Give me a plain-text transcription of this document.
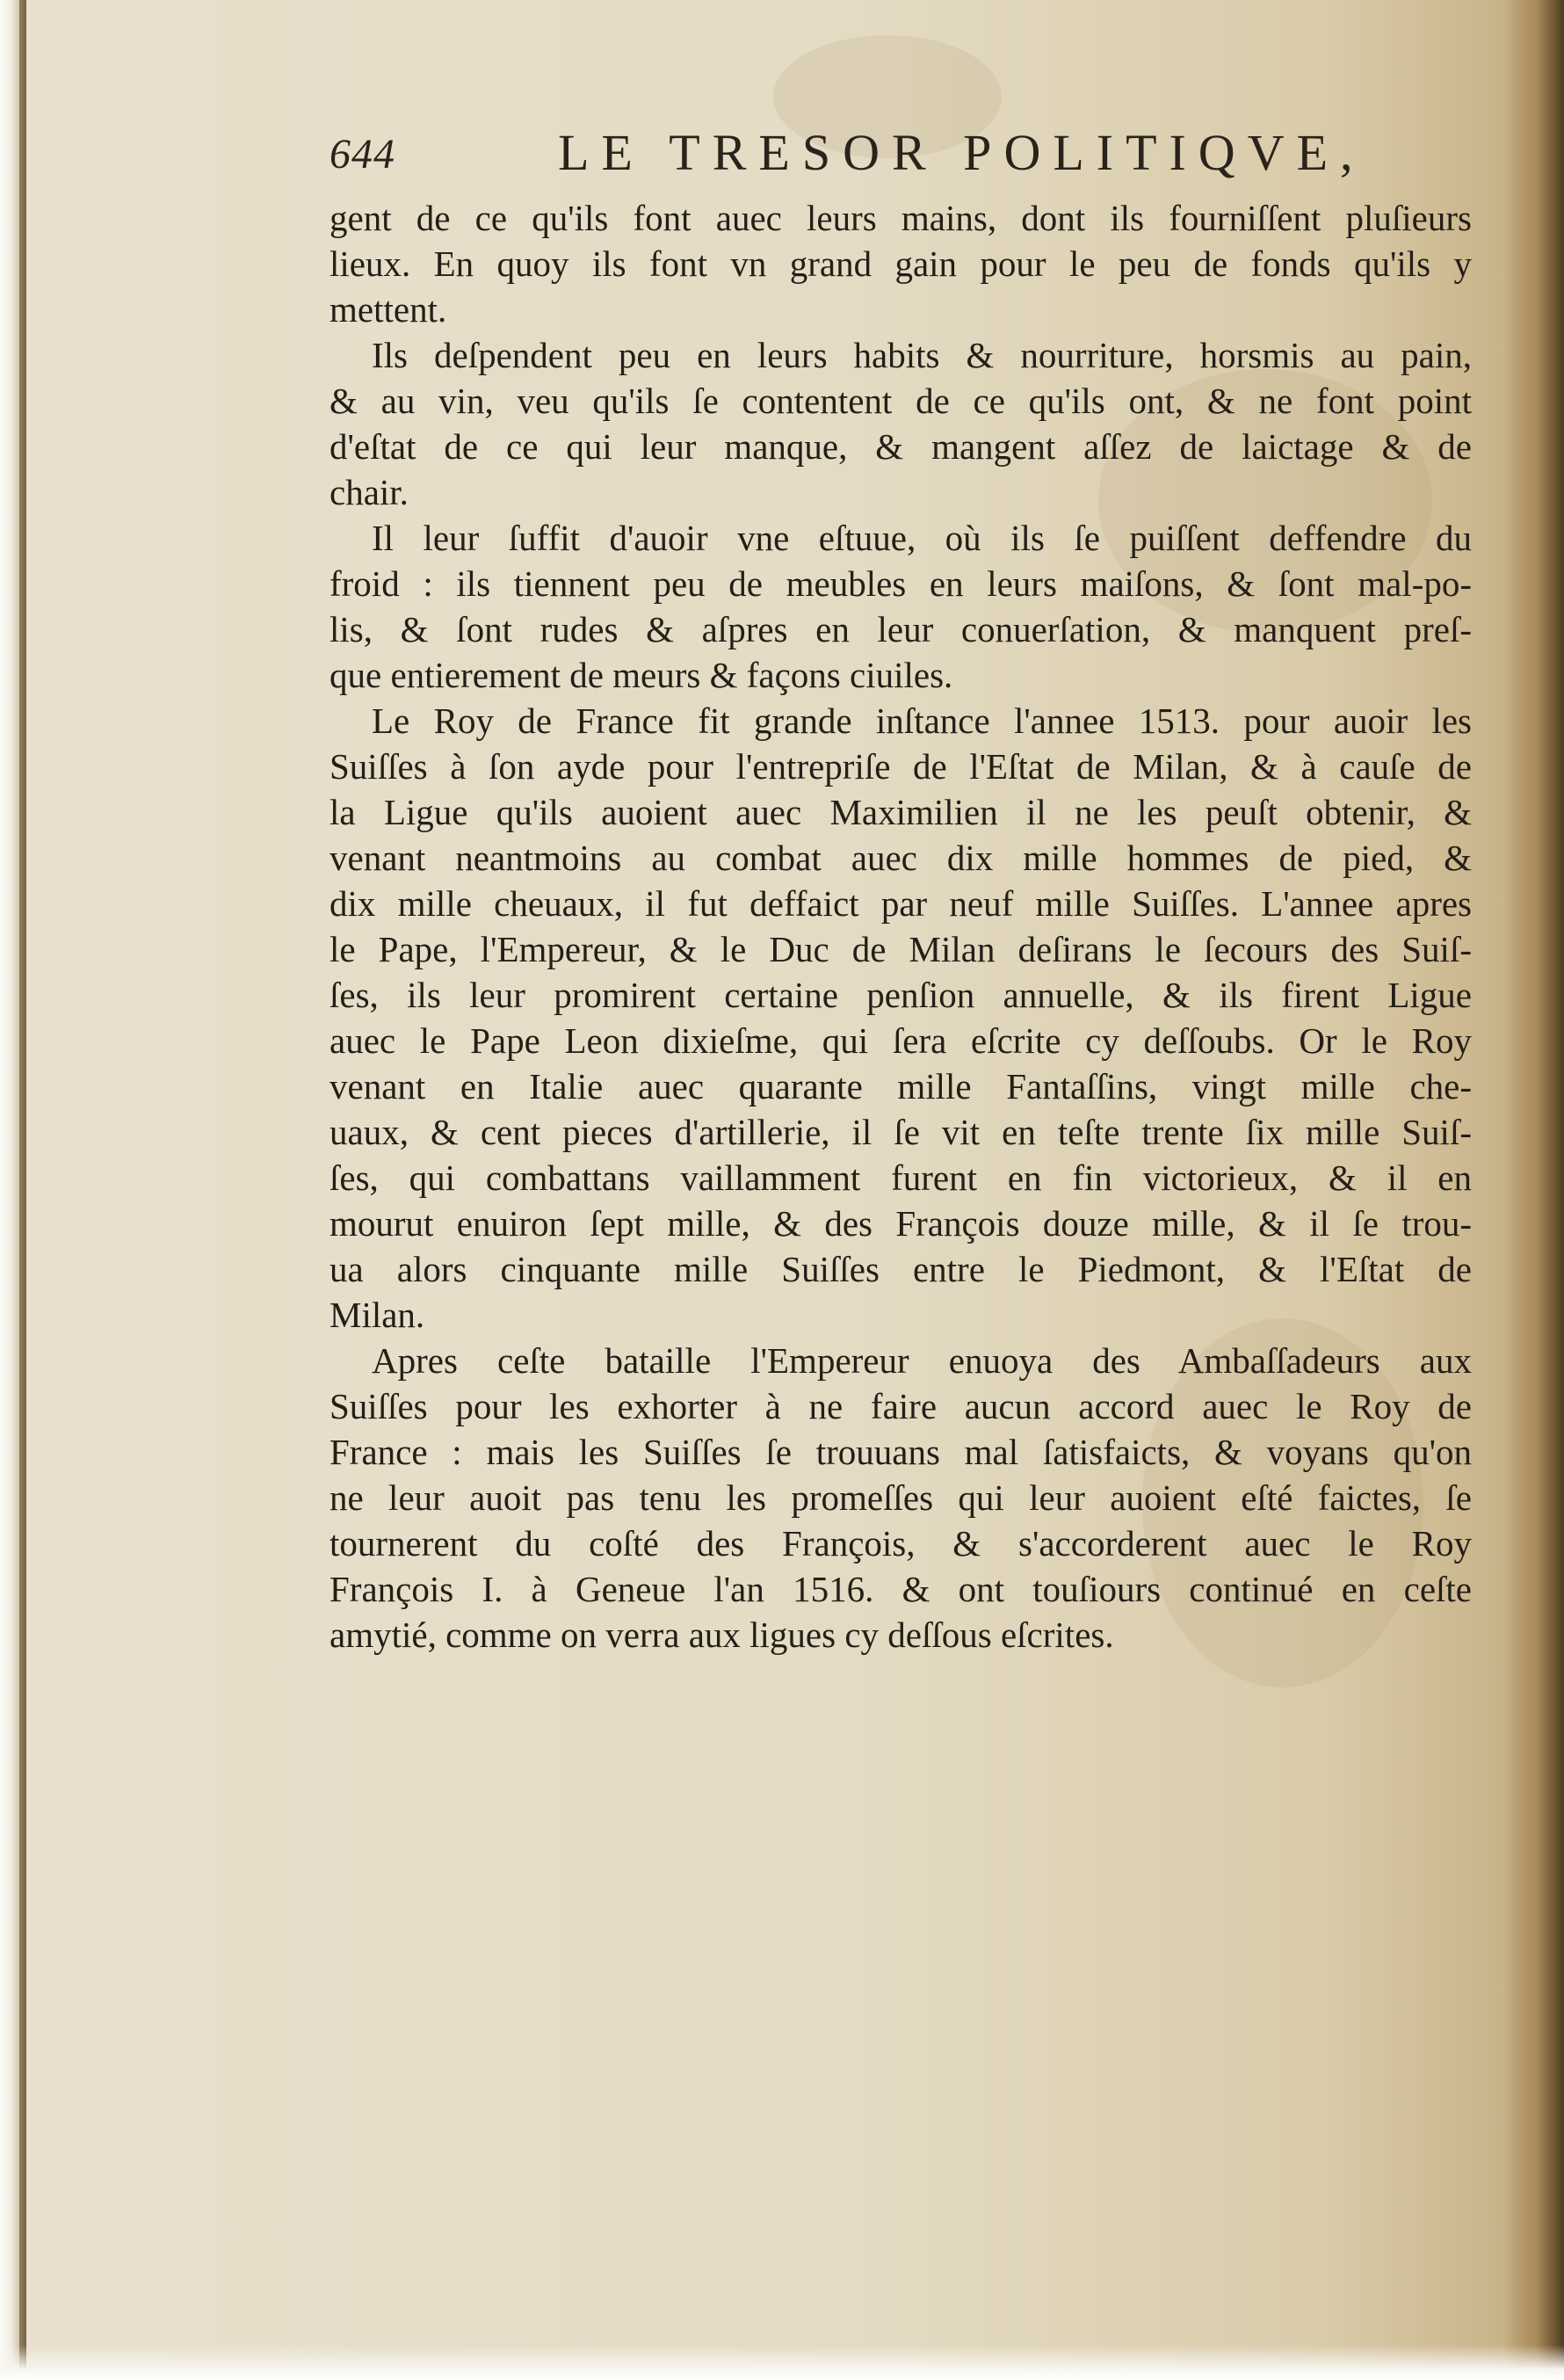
644	LE TRESOR POLITIQVE,
gent de ce qu'ils font auec leurs mains, dont ils fourniſſent pluſieurs
lieux. En quoy ils font vn grand gain pour le peu de fonds qu'ils y
mettent.
Ils deſpendent peu en leurs habits & nourriture, horsmis au pain,
& au vin, veu qu'ils ſe contentent de ce qu'ils ont, & ne font point
d'eſtat de ce qui leur manque, & mangent aſſez de laictage & de
chair.
Il leur ſuffit d'auoir vne eſtuue, où ils ſe puiſſent deffendre du
froid : ils tiennent peu de meubles en leurs maiſons, & ſont mal-po-
lis, & ſont rudes & aſpres en leur conuerſation, & manquent preſ-
que entierement de meurs & façons ciuiles.
Le Roy de France fit grande inſtance l'annee 1513. pour auoir les
Suiſſes à ſon ayde pour l'entrepriſe de l'Eſtat de Milan, & à cauſe de
la Ligue qu'ils auoient auec Maximilien il ne les peuſt obtenir, &
venant neantmoins au combat auec dix mille hommes de pied, &
dix mille cheuaux, il fut deffaict par neuf mille Suiſſes. L'annee apres
le Pape, l'Empereur, & le Duc de Milan deſirans le ſecours des Suiſ-
ſes, ils leur promirent certaine penſion annuelle, & ils firent Ligue
auec le Pape Leon dixieſme, qui ſera eſcrite cy deſſoubs. Or le Roy
venant en Italie auec quarante mille Fantaſſins, vingt mille che-
uaux, & cent pieces d'artillerie, il ſe vit en teſte trente ſix mille Suiſ-
ſes, qui combattans vaillamment furent en fin victorieux, & il en
mourut enuiron ſept mille, & des François douze mille, & il ſe trou-
ua alors cinquante mille Suiſſes entre le Piedmont, & l'Eſtat de
Milan.
Apres ceſte bataille l'Empereur enuoya des Ambaſſadeurs aux
Suiſſes pour les exhorter à ne faire aucun accord auec le Roy de
France : mais les Suiſſes ſe trouuans mal ſatisfaicts, & voyans qu'on
ne leur auoit pas tenu les promeſſes qui leur auoient eſté faictes, ſe
tournerent du coſté des François, & s'accorderent auec le Roy
François I. à Geneue l'an 1516. & ont touſiours continué en ceſte
amytié, comme on verra aux ligues cy deſſous eſcrites.
